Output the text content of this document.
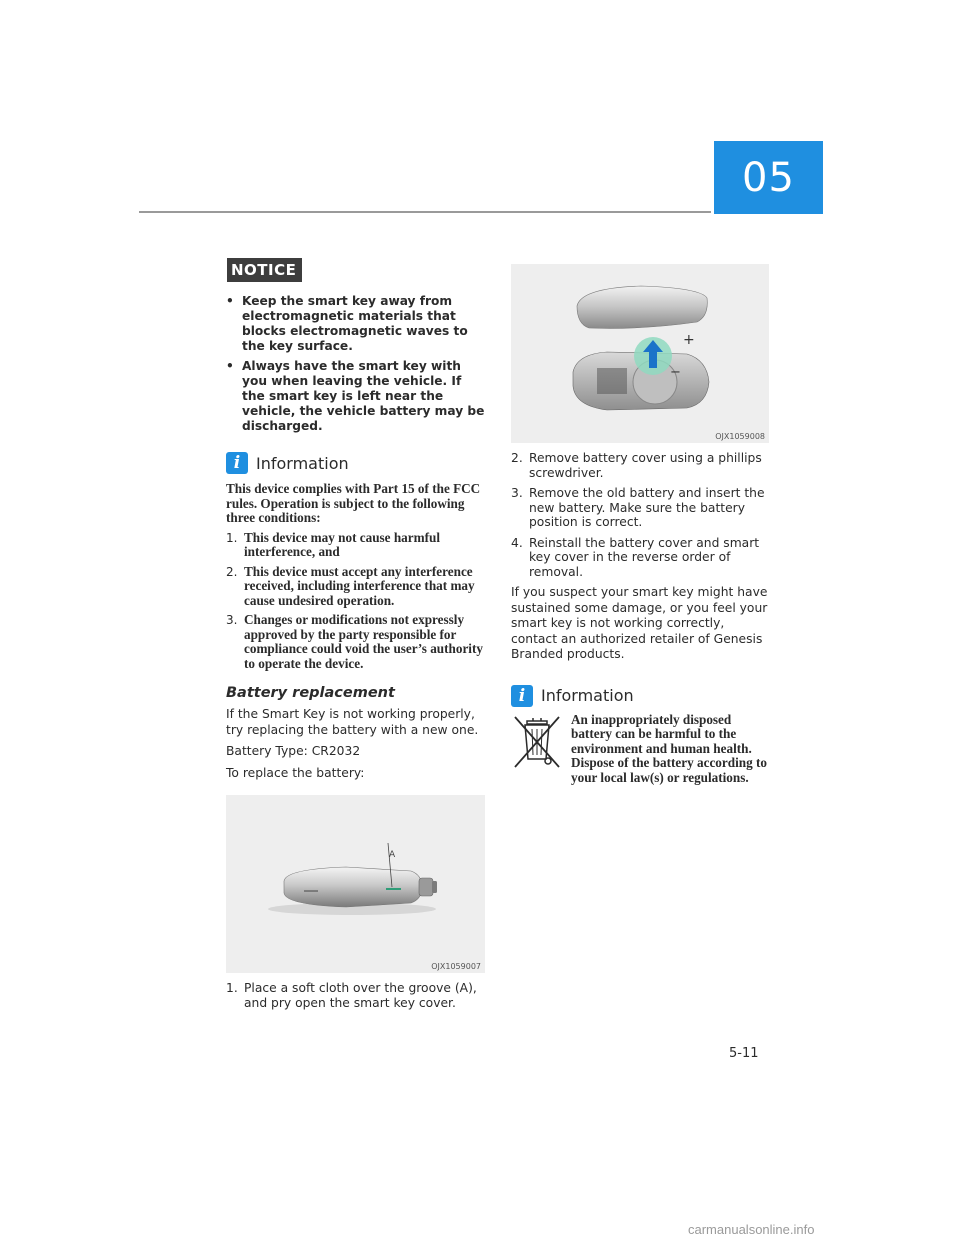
05
NOTICE
• Keep the smart key away from electromagnetic materials that blocks electromagnetic waves to the key surface.
• Always have the smart key with you when leaving the vehicle. If the smart key is left near the vehicle, the vehicle battery may be discharged.
i Information

This device complies with Part 15 of the FCC rules. Operation is subject to the following three conditions:

1. This device may not cause harmful interference, and
2. This device must accept any interference received, including interference that may cause undesired operation.
3. Changes or modifications not expressly approved by the party responsible for compliance could void the user’s authority to operate the device.
Battery replacement

If the Smart Key is not working properly, try replacing the battery with a new one.

Battery Type: CR2032

To replace the battery:

A
OJX1059007
1. Place a soft cloth over the groove (A), and pry open the smart key cover.
+
−
OJX1059008
2. Remove battery cover using a phillips screwdriver.
3. Remove the old battery and insert the new battery. Make sure the battery position is correct.
4. Reinstall the battery cover and smart key cover in the reverse order of removal.

If you suspect your smart key might have sustained some damage, or you feel your smart key is not working correctly, contact an authorized retailer of Genesis Branded products.

i Information

An inappropriately disposed battery can be harmful to the environment and human health. Dispose of the battery according to your local law(s) or regulations.

5-11
carmanualsonline.info
